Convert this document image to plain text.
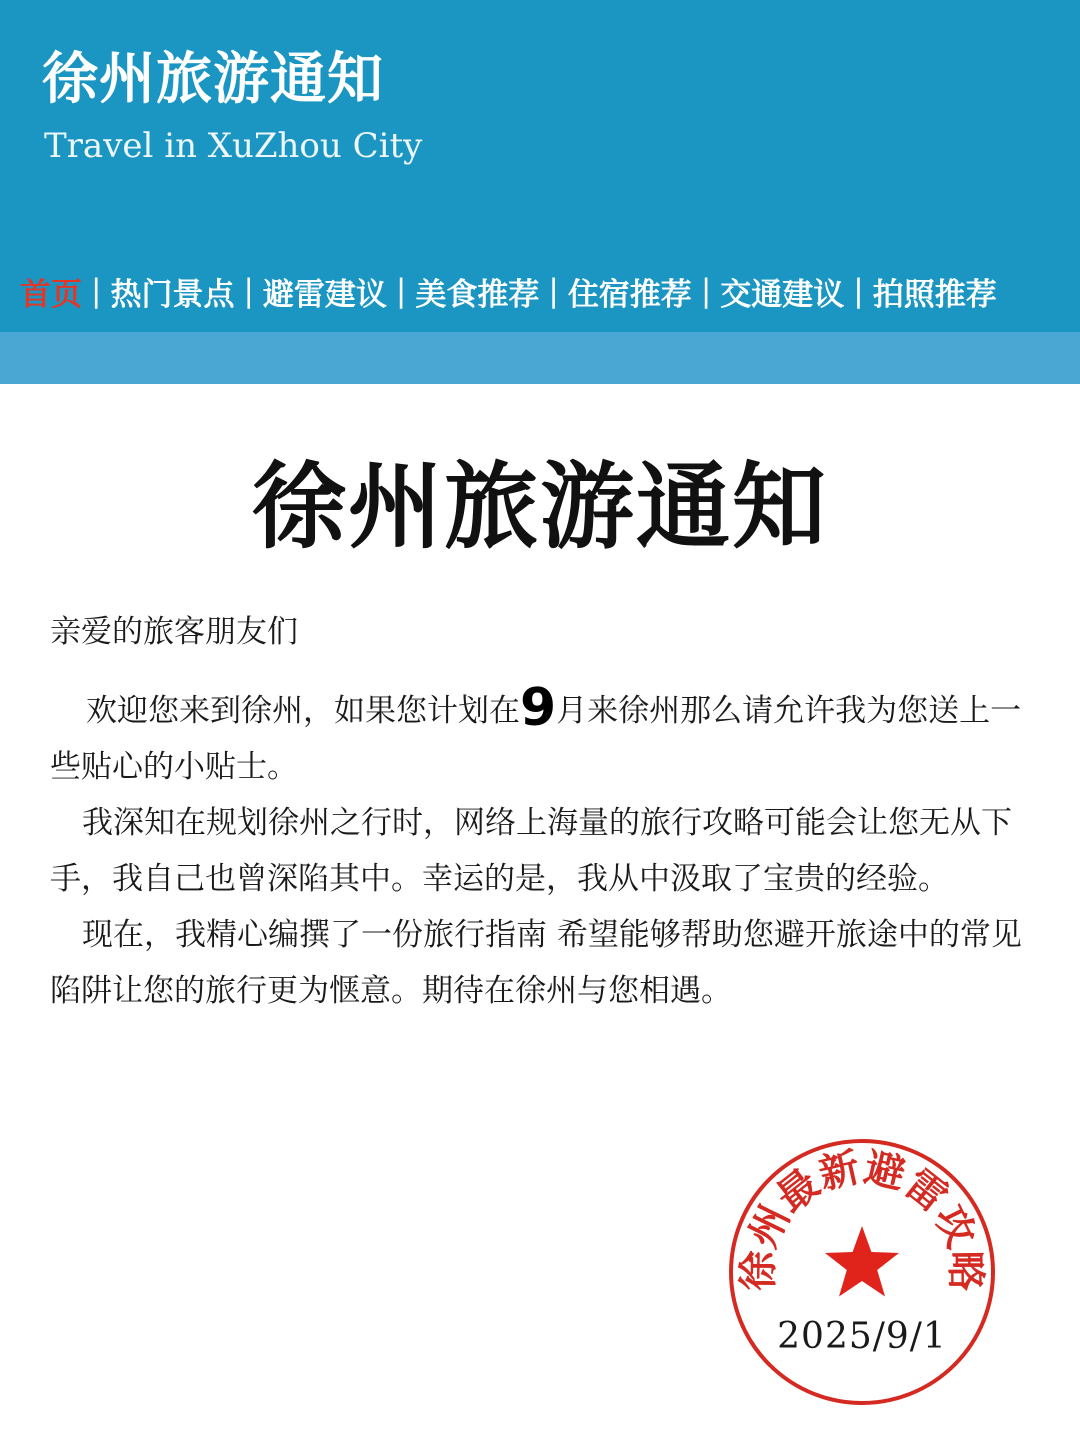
徐州旅游通知
Travel in XuZhou City
首页 | 热门景点 | 避雷建议 | 美食推荐 | 住宿推荐 | 交通建议 | 拍照推荐
徐州旅游通知
亲爱的旅客朋友们

欢迎您来到徐州，如果您计划在9月来徐州那么请允许我为您送上一些贴心的小贴士。

我深知在规划徐州之行时，网络上海量的旅行攻略可能会让您无从下手，我自己也曾深陷其中。幸运的是，我从中汲取了宝贵的经验。

现在，我精心编撰了一份旅行指南 希望能够帮助您避开旅途中的常见陷阱让您的旅行更为惬意。期待在徐州与您相遇。

徐州最新避雷攻略
2025/9/1
